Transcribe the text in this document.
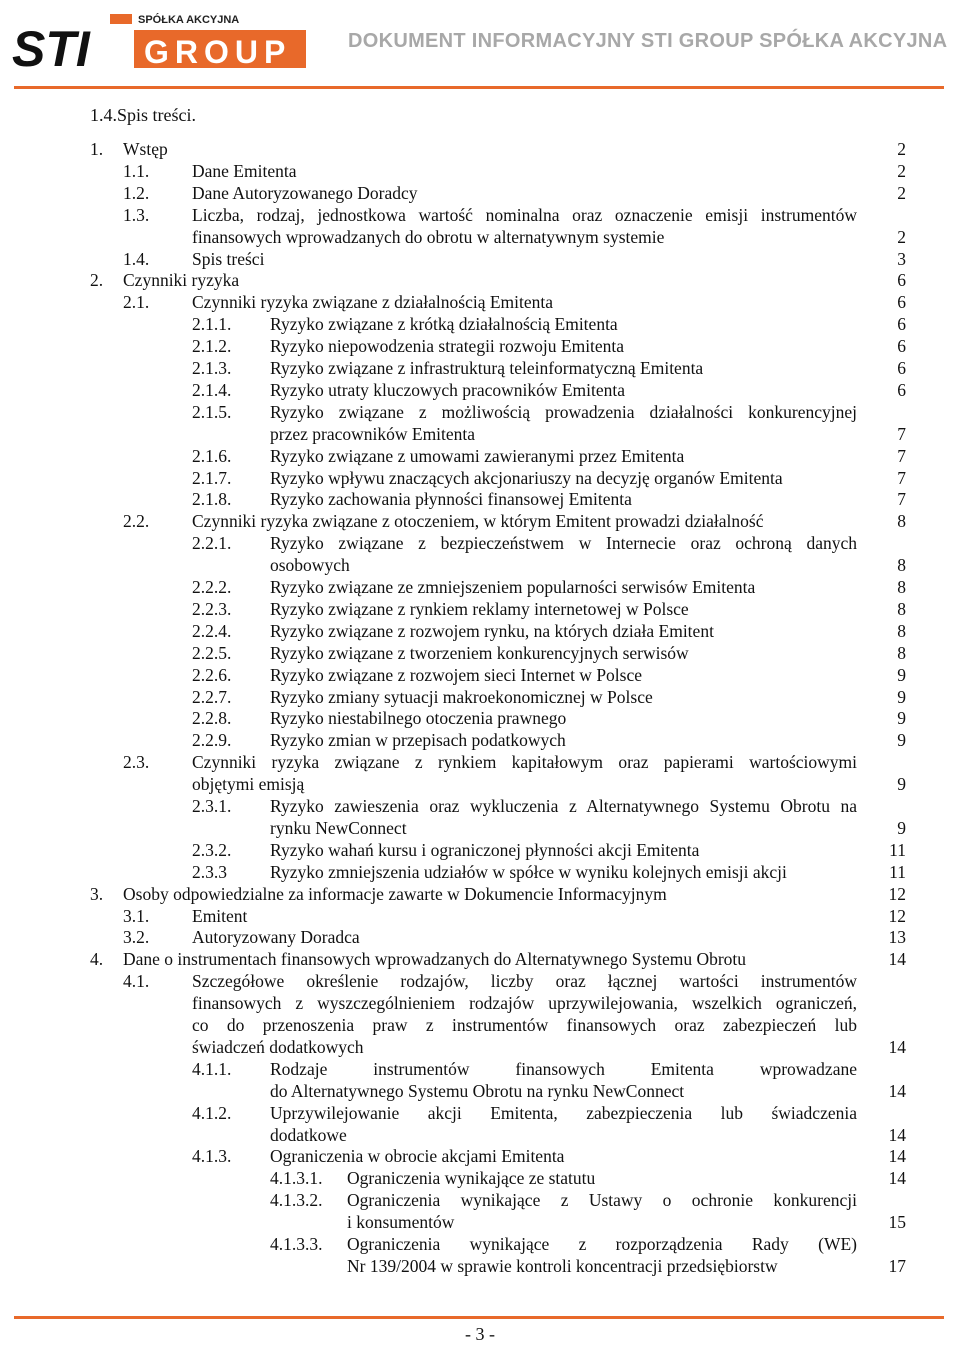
SPÓŁKA AKCYJNA
STI GROUP	DOKUMENT INFORMACYJNY STI GROUP SPÓŁKA AKCYJNA
1.4.Spis treści.
1. Wstęp	2
1.1. Dane Emitenta	2
1.2. Dane Autoryzowanego Doradcy	2
1.3. Liczba, rodzaj, jednostkowa wartość nominalna oraz oznaczenie emisji instrumentów
finansowych wprowadzanych do obrotu w alternatywnym systemie	2
1.4. Spis treści	3
2. Czynniki ryzyka	6
2.1. Czynniki ryzyka związane z działalnością Emitenta	6
2.1.1. Ryzyko związane z krótką działalnością Emitenta	6
2.1.2. Ryzyko niepowodzenia strategii rozwoju Emitenta	6
2.1.3. Ryzyko związane z infrastrukturą teleinformatyczną Emitenta	6
2.1.4. Ryzyko utraty kluczowych pracowników Emitenta	6
2.1.5. Ryzyko związane z możliwością prowadzenia działalności konkurencyjnej
przez pracowników Emitenta	7
2.1.6. Ryzyko związane z umowami zawieranymi przez Emitenta	7
2.1.7. Ryzyko wpływu znaczących akcjonariuszy na decyzję organów Emitenta	7
2.1.8. Ryzyko zachowania płynności finansowej Emitenta	7
2.2. Czynniki ryzyka związane z otoczeniem, w którym Emitent prowadzi działalność	8
2.2.1. Ryzyko związane z bezpieczeństwem w Internecie oraz ochroną danych
osobowych	8
2.2.2. Ryzyko związane ze zmniejszeniem popularności serwisów Emitenta	8
2.2.3. Ryzyko związane z rynkiem reklamy internetowej w Polsce	8
2.2.4. Ryzyko związane z rozwojem rynku, na których działa Emitent	8
2.2.5. Ryzyko związane z tworzeniem konkurencyjnych serwisów	8
2.2.6. Ryzyko związane z rozwojem sieci Internet w Polsce	9
2.2.7. Ryzyko zmiany sytuacji makroekonomicznej w Polsce	9
2.2.8. Ryzyko niestabilnego otoczenia prawnego	9
2.2.9. Ryzyko zmian w przepisach podatkowych	9
2.3. Czynniki ryzyka związane z rynkiem kapitałowym oraz papierami wartościowymi
objętymi emisją	9
2.3.1. Ryzyko zawieszenia oraz wykluczenia z Alternatywnego Systemu Obrotu na
rynku NewConnect	9
2.3.2. Ryzyko wahań kursu i ograniczonej płynności akcji Emitenta	11
2.3.3 Ryzyko zmniejszenia udziałów w spółce w wyniku kolejnych emisji akcji	11
3. Osoby odpowiedzialne za informacje zawarte w Dokumencie Informacyjnym	12
3.1. Emitent	12
3.2. Autoryzowany Doradca	13
4. Dane o instrumentach finansowych wprowadzanych do Alternatywnego Systemu Obrotu	14
4.1. Szczegółowe określenie rodzajów, liczby oraz łącznej wartości instrumentów
finansowych z wyszczególnieniem rodzajów uprzywilejowania, wszelkich ograniczeń,
co do przenoszenia praw z instrumentów finansowych oraz zabezpieczeń lub
świadczeń dodatkowych	14
4.1.1. Rodzaje instrumentów finansowych Emitenta wprowadzane
do Alternatywnego Systemu Obrotu na rynku NewConnect	14
4.1.2. Uprzywilejowanie akcji Emitenta, zabezpieczenia lub świadczenia
dodatkowe	14
4.1.3. Ograniczenia w obrocie akcjami Emitenta	14
4.1.3.1. Ograniczenia wynikające ze statutu	14
4.1.3.2. Ograniczenia wynikające z Ustawy o ochronie konkurencji
i konsumentów	15
4.1.3.3. Ograniczenia wynikające z rozporządzenia Rady (WE)
Nr 139/2004 w sprawie kontroli koncentracji przedsiębiorstw	17
- 3 -
